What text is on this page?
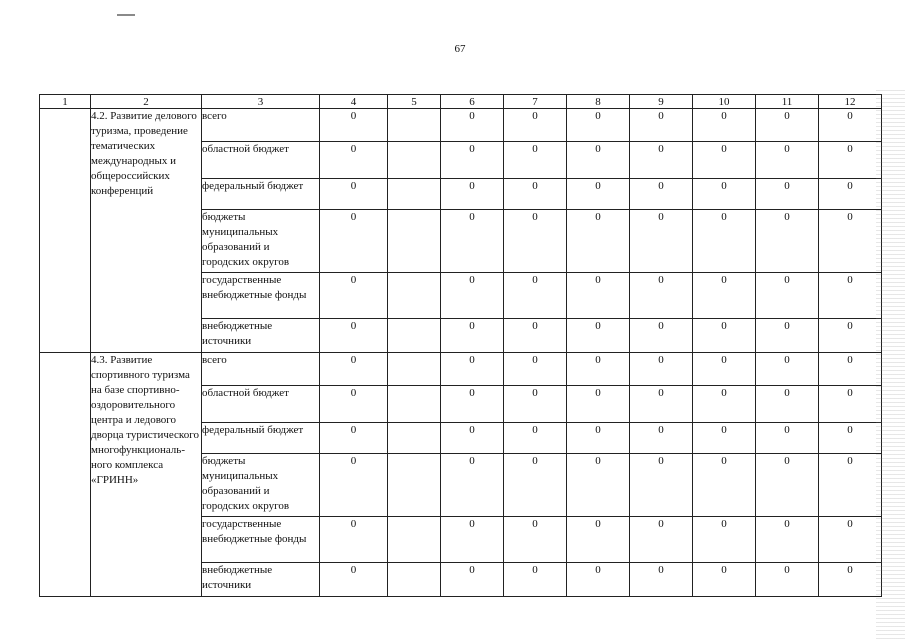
67
1	2	3	4	5	6	7	8	9	10	11	12
	4.2. Развитие делового туризма, проведение тематических международных и общероссийских конференций	всего	0		0	0	0	0	0	0	0
		областной бюджет	0		0	0	0	0	0	0	0
		федеральный бюджет	0		0	0	0	0	0	0	0
		бюджеты муниципальных образований и городских округов	0		0	0	0	0	0	0	0
		государственные внебюджетные фонды	0		0	0	0	0	0	0	0
		внебюджетные источники	0		0	0	0	0	0	0	0
	4.3. Развитие спортивного туризма на базе спортивно-оздоровительного центра и ледового дворца туристического многофункциональ-ного комплекса «ГРИНН»	всего	0		0	0	0	0	0	0	0
		областной бюджет	0		0	0	0	0	0	0	0
		федеральный бюджет	0		0	0	0	0	0	0	0
		бюджеты муниципальных образований и городских округов	0		0	0	0	0	0	0	0
		государственные внебюджетные фонды	0		0	0	0	0	0	0	0
		внебюджетные источники	0		0	0	0	0	0	0	0
